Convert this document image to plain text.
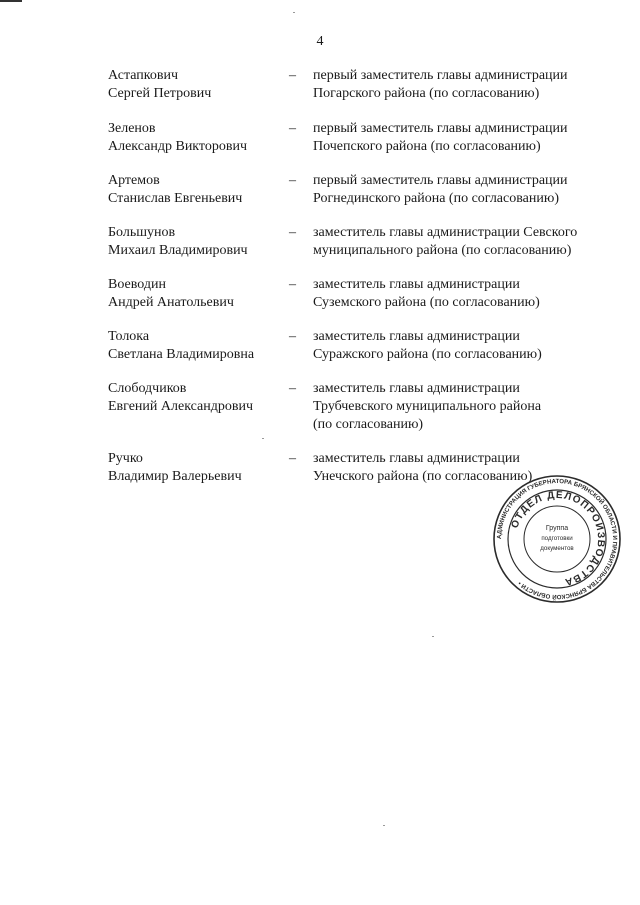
4
Астапкович
Сергей Петрович
– первый заместитель главы администрации
Погарского района (по согласованию)
Зеленов
Александр Викторович
– первый заместитель главы администрации
Почепского района (по согласованию)
Артемов
Станислав Евгеньевич
– первый заместитель главы администрации
Рогнединского района (по согласованию)
Большунов
Михаил Владимирович
– заместитель главы администрации Севского
муниципального района (по согласованию)
Воеводин
Андрей Анатольевич
– заместитель главы администрации
Суземского района (по согласованию)
Толока
Светлана Владимировна
– заместитель главы администрации
Суражского района (по согласованию)
Слободчиков
Евгений Александрович
– заместитель главы администрации
Трубчевского муниципального района
(по согласованию)
Ручко
Владимир Валерьевич
– заместитель главы администрации
Унечского района (по согласованию)
АДМИНИСТРАЦИЯ ГУБЕРНАТОРА БРЯНСКОЙ ОБЛАСТИ И ПРАВИТЕЛЬСТВА БРЯНСКОЙ ОБЛАСТИ •
ОТДЕЛ ДЕЛОПРОИЗВОДСТВА
Группа
подготовки
документов
